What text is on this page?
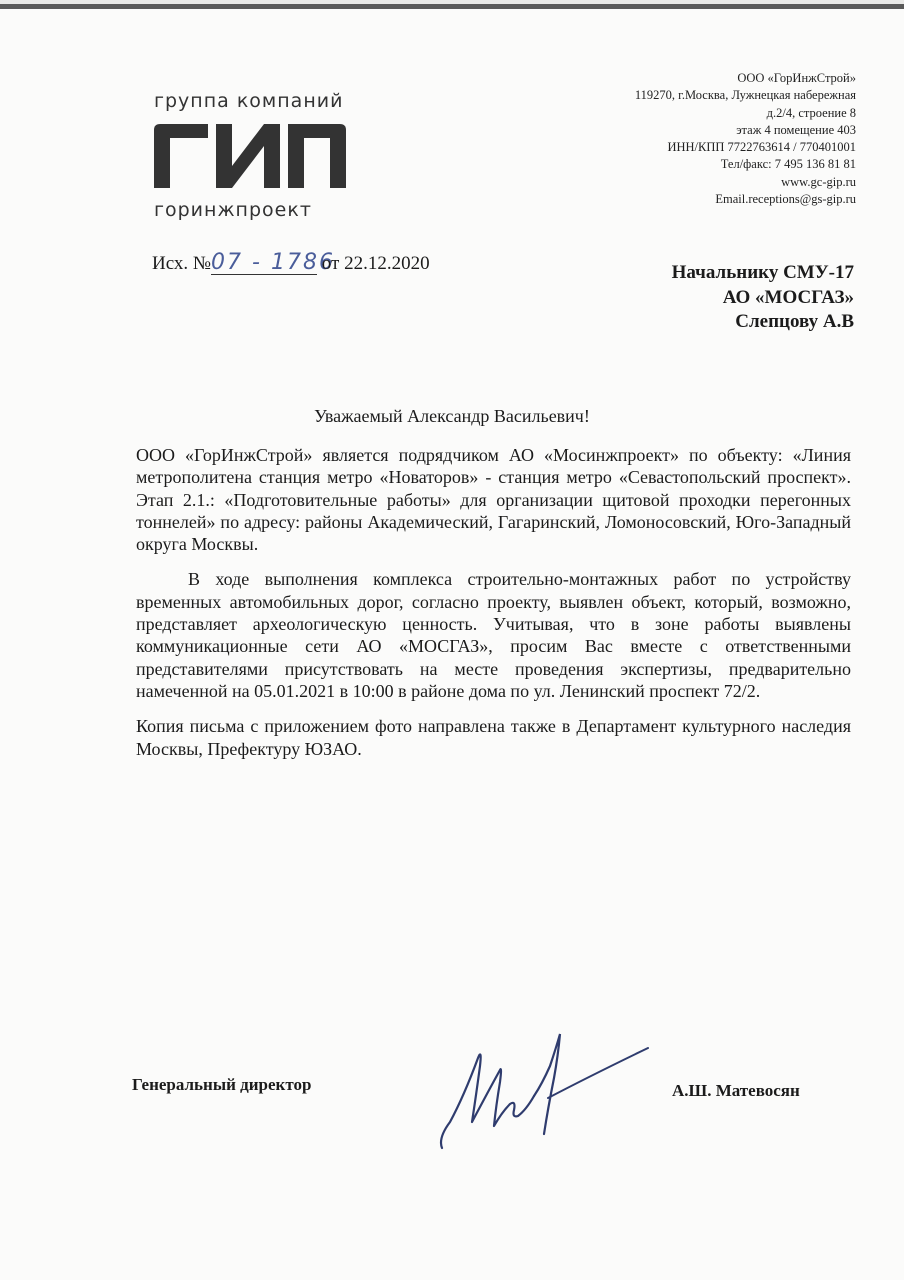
группа компаний
горинжпроект
ООО «ГорИнжСтрой»
119270, г.Москва, Лужнецкая набережная
д.2/4, строение 8
этаж 4 помещение 403
ИНН/КПП 7722763614 / 770401001
Тел/факс: 7 495 136 81 81
www.gc-gip.ru
Email.receptions@gs-gip.ru
Исх. №07 - 1786 от 22.12.2020	Начальнику СМУ-17
АО «МОСГАЗ»
Слепцову А.В
Уважаемый Александр Васильевич!

ООО «ГорИнжСтрой» является подрядчиком АО «Мосинжпроект» по объекту: «Линия метрополитена станция метро «Новаторов» - станция метро «Севастопольский проспект». Этап 2.1.: «Подготовительные работы» для организации щитовой проходки перегонных тоннелей» по адресу: районы Академический, Гагаринский, Ломоносовский, Юго-Западный округа Москвы.

В ходе выполнения комплекса строительно-монтажных работ по устройству временных автомобильных дорог, согласно проекту, выявлен объект, который, возможно, представляет археологическую ценность. Учитывая, что в зоне работы выявлены коммуникационные сети АО «МОСГАЗ», просим Вас вместе с ответственными представителями присутствовать на месте проведения экспертизы, предварительно намеченной на 05.01.2021 в 10:00 в районе дома по ул. Ленинский проспект 72/2.

Копия письма с приложением фото направлена также в Департамент культурного наследия Москвы, Префектуру ЮЗАО.

Генеральный директор	А.Ш. Матевосян
